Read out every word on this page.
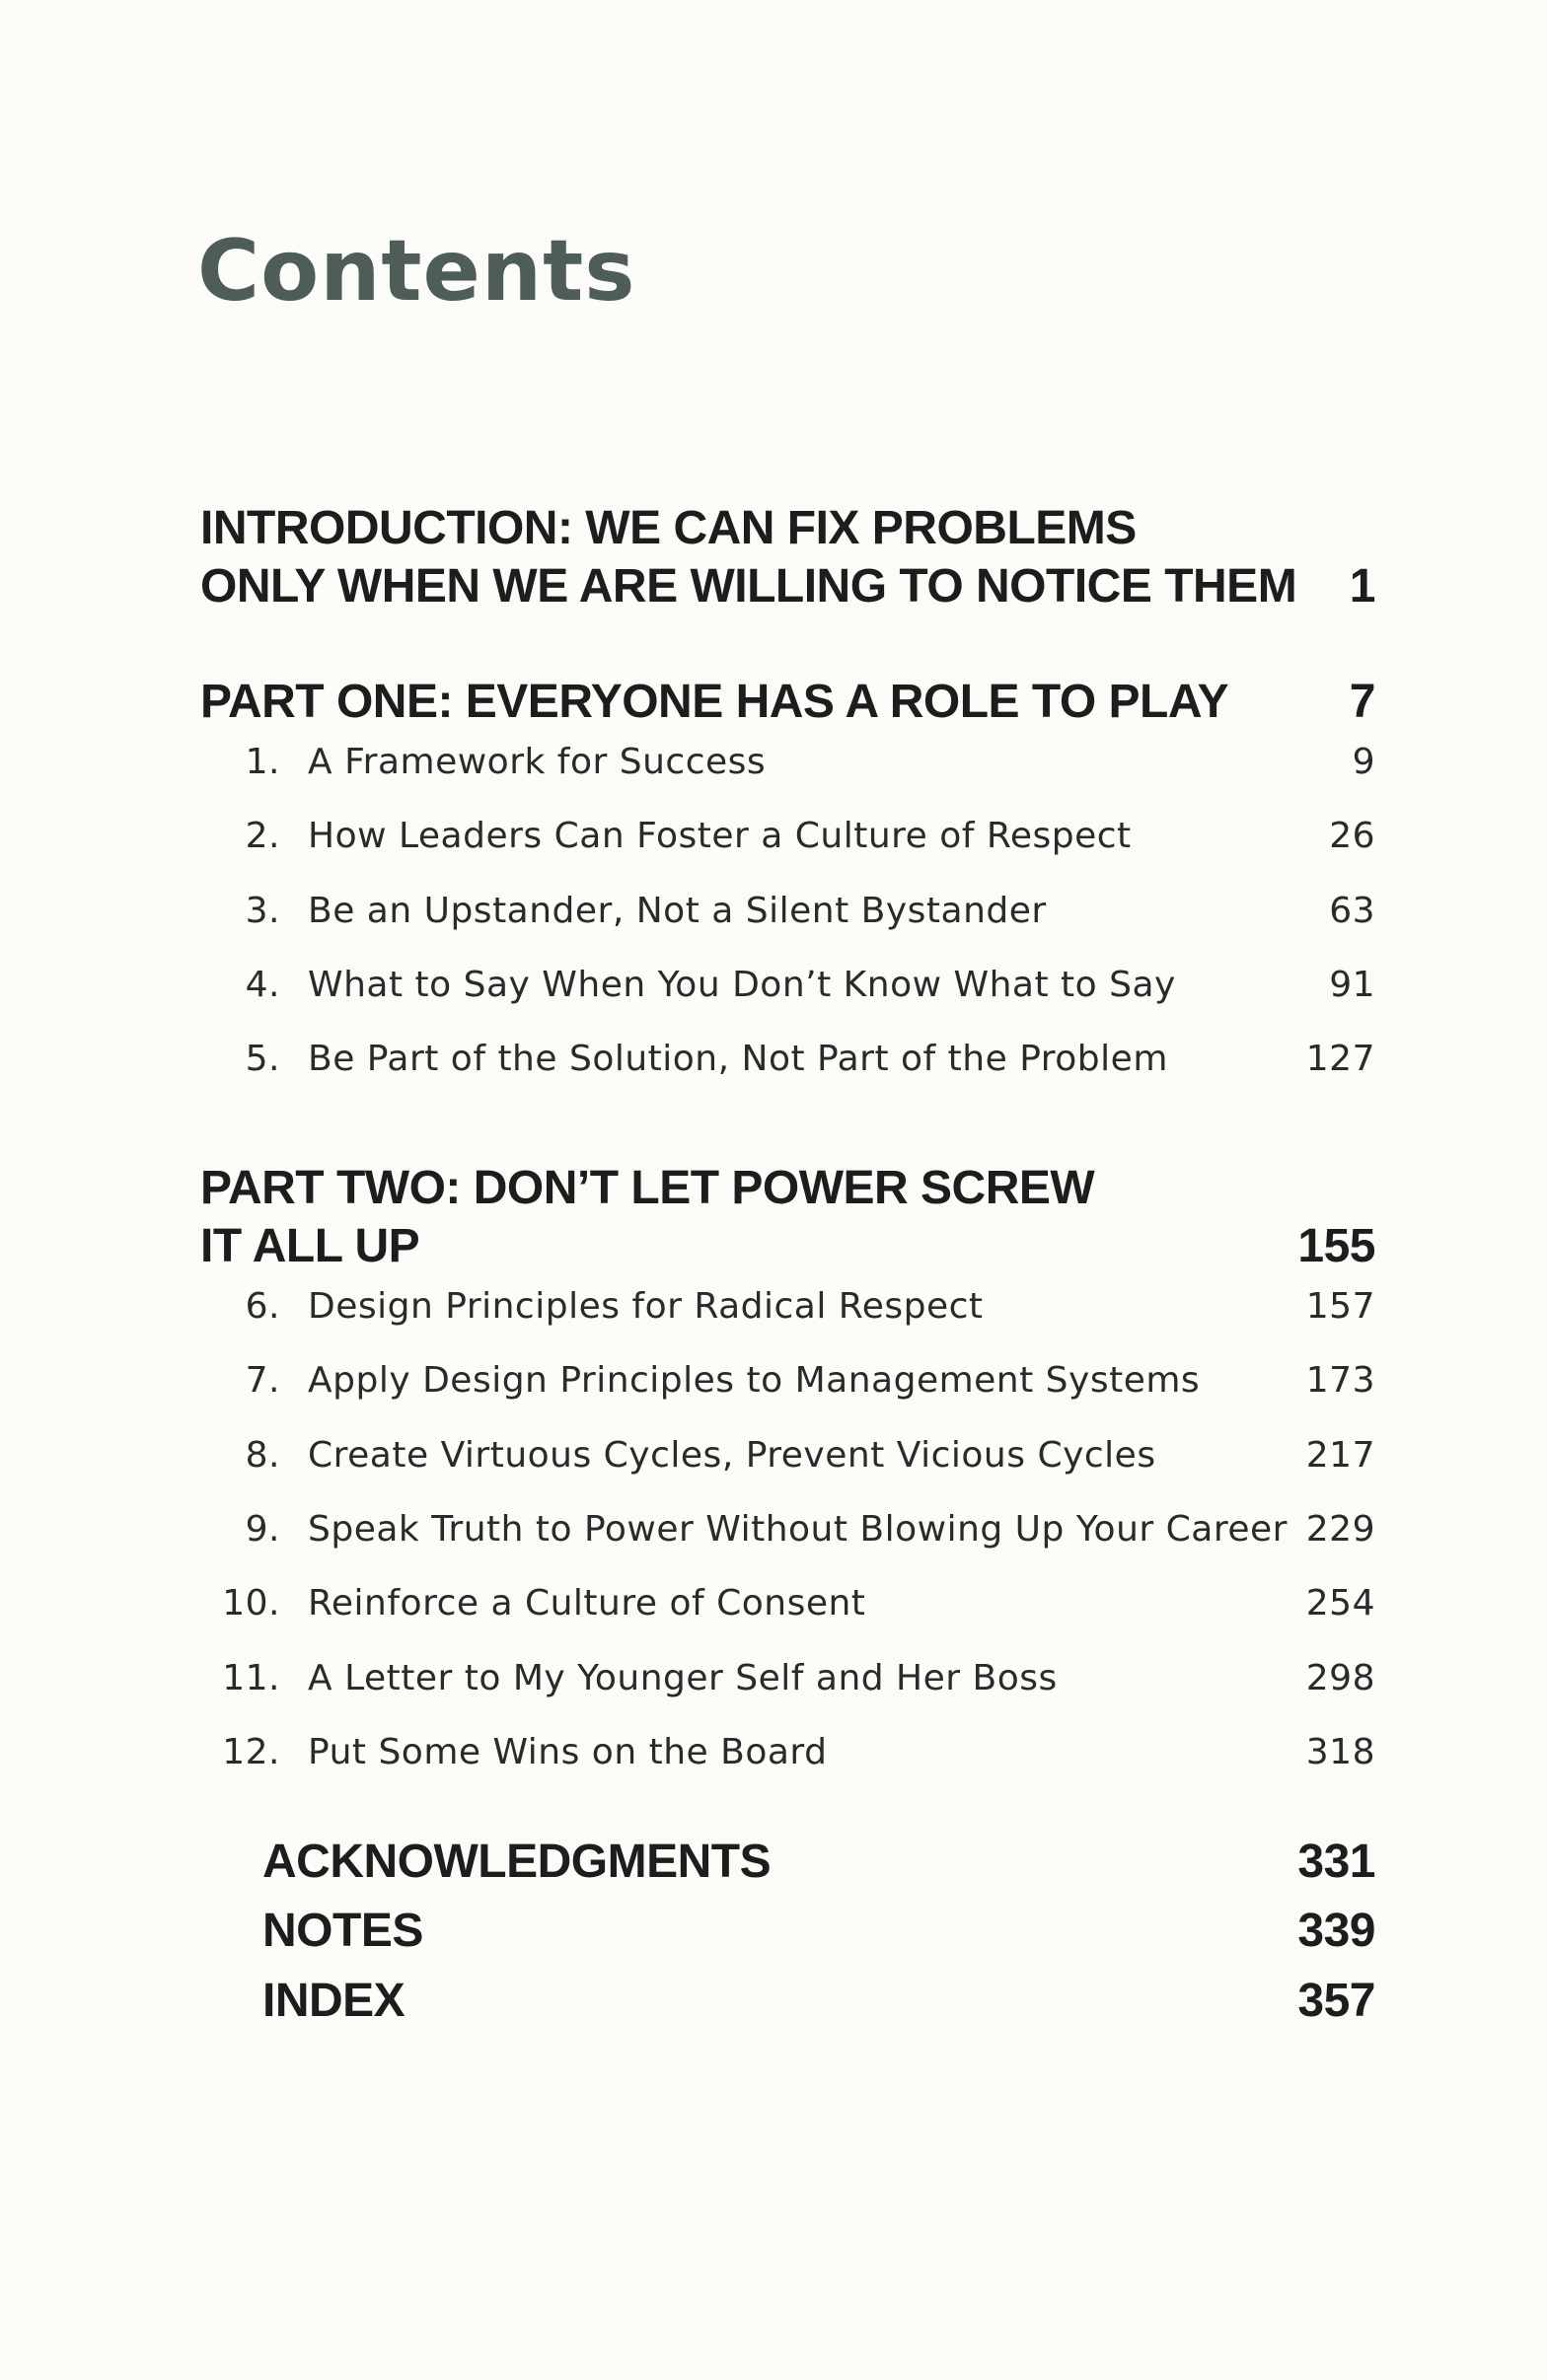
Contents
INTRODUCTION: WE CAN FIX PROBLEMS
ONLY WHEN WE ARE WILLING TO NOTICE THEM 1
PART ONE: EVERYONE HAS A ROLE TO PLAY	7
1. A Framework for Success	9
2. How Leaders Can Foster a Culture of Respect	26
3. Be an Upstander, Not a Silent Bystander	63
4. What to Say When You Don’t Know What to Say	91
5. Be Part of the Solution, Not Part of the Problem	127
PART TWO: DON’T LET POWER SCREW
IT ALL UP	155
6. Design Principles for Radical Respect	157
7. Apply Design Principles to Management Systems	173
8. Create Virtuous Cycles, Prevent Vicious Cycles	217
9. Speak Truth to Power Without Blowing Up Your Career 229
10. Reinforce a Culture of Consent	254
11. A Letter to My Younger Self and Her Boss	298
12. Put Some Wins on the Board	318
ACKNOWLEDGMENTS	331
NOTES	339
INDEX	357
